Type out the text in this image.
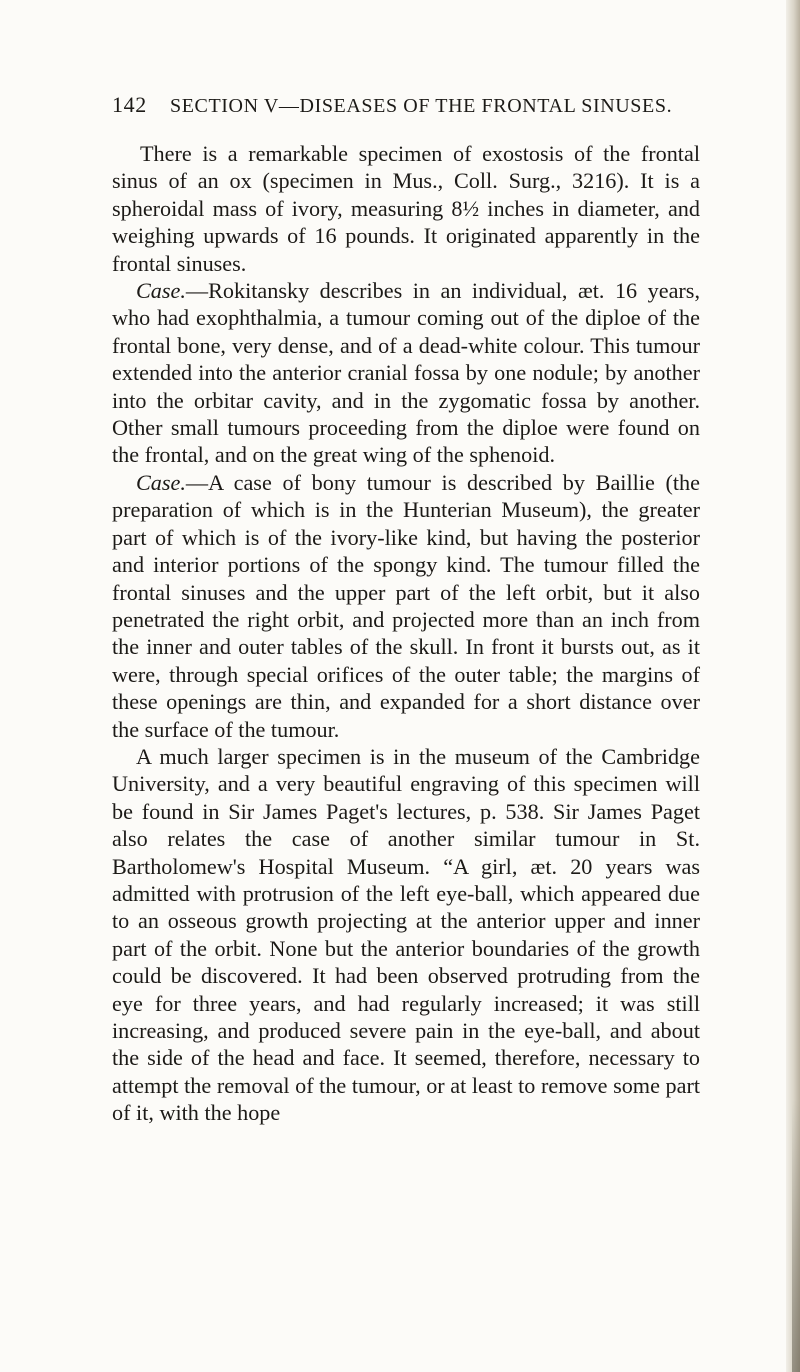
142 SECTION V—DISEASES OF THE FRONTAL SINUSES.

There is a remarkable specimen of exostosis of the frontal sinus of an ox (specimen in Mus., Coll. Surg., 3216). It is a spheroidal mass of ivory, measuring 8½ inches in diameter, and weighing upwards of 16 pounds. It originated apparently in the frontal sinuses.

Case.—Rokitansky describes in an individual, æt. 16 years, who had exophthalmia, a tumour coming out of the diploe of the frontal bone, very dense, and of a dead-white colour. This tumour extended into the anterior cranial fossa by one nodule; by another into the orbitar cavity, and in the zygomatic fossa by another. Other small tumours proceeding from the diploe were found on the frontal, and on the great wing of the sphenoid.

Case.—A case of bony tumour is described by Baillie (the preparation of which is in the Hunterian Museum), the greater part of which is of the ivory-like kind, but having the posterior and interior portions of the spongy kind. The tumour filled the frontal sinuses and the upper part of the left orbit, but it also penetrated the right orbit, and projected more than an inch from the inner and outer tables of the skull. In front it bursts out, as it were, through special orifices of the outer table; the margins of these openings are thin, and expanded for a short distance over the surface of the tumour.

A much larger specimen is in the museum of the Cambridge University, and a very beautiful engraving of this specimen will be found in Sir James Paget's lectures, p. 538. Sir James Paget also relates the case of another similar tumour in St. Bartholomew's Hospital Museum. “A girl, æt. 20 years was admitted with protrusion of the left eye-ball, which appeared due to an osseous growth projecting at the anterior upper and inner part of the orbit. None but the anterior boundaries of the growth could be discovered. It had been observed protruding from the eye for three years, and had regularly increased; it was still increasing, and produced severe pain in the eye-ball, and about the side of the head and face. It seemed, therefore, necessary to attempt the removal of the tumour, or at least to remove some part of it, with the hope
